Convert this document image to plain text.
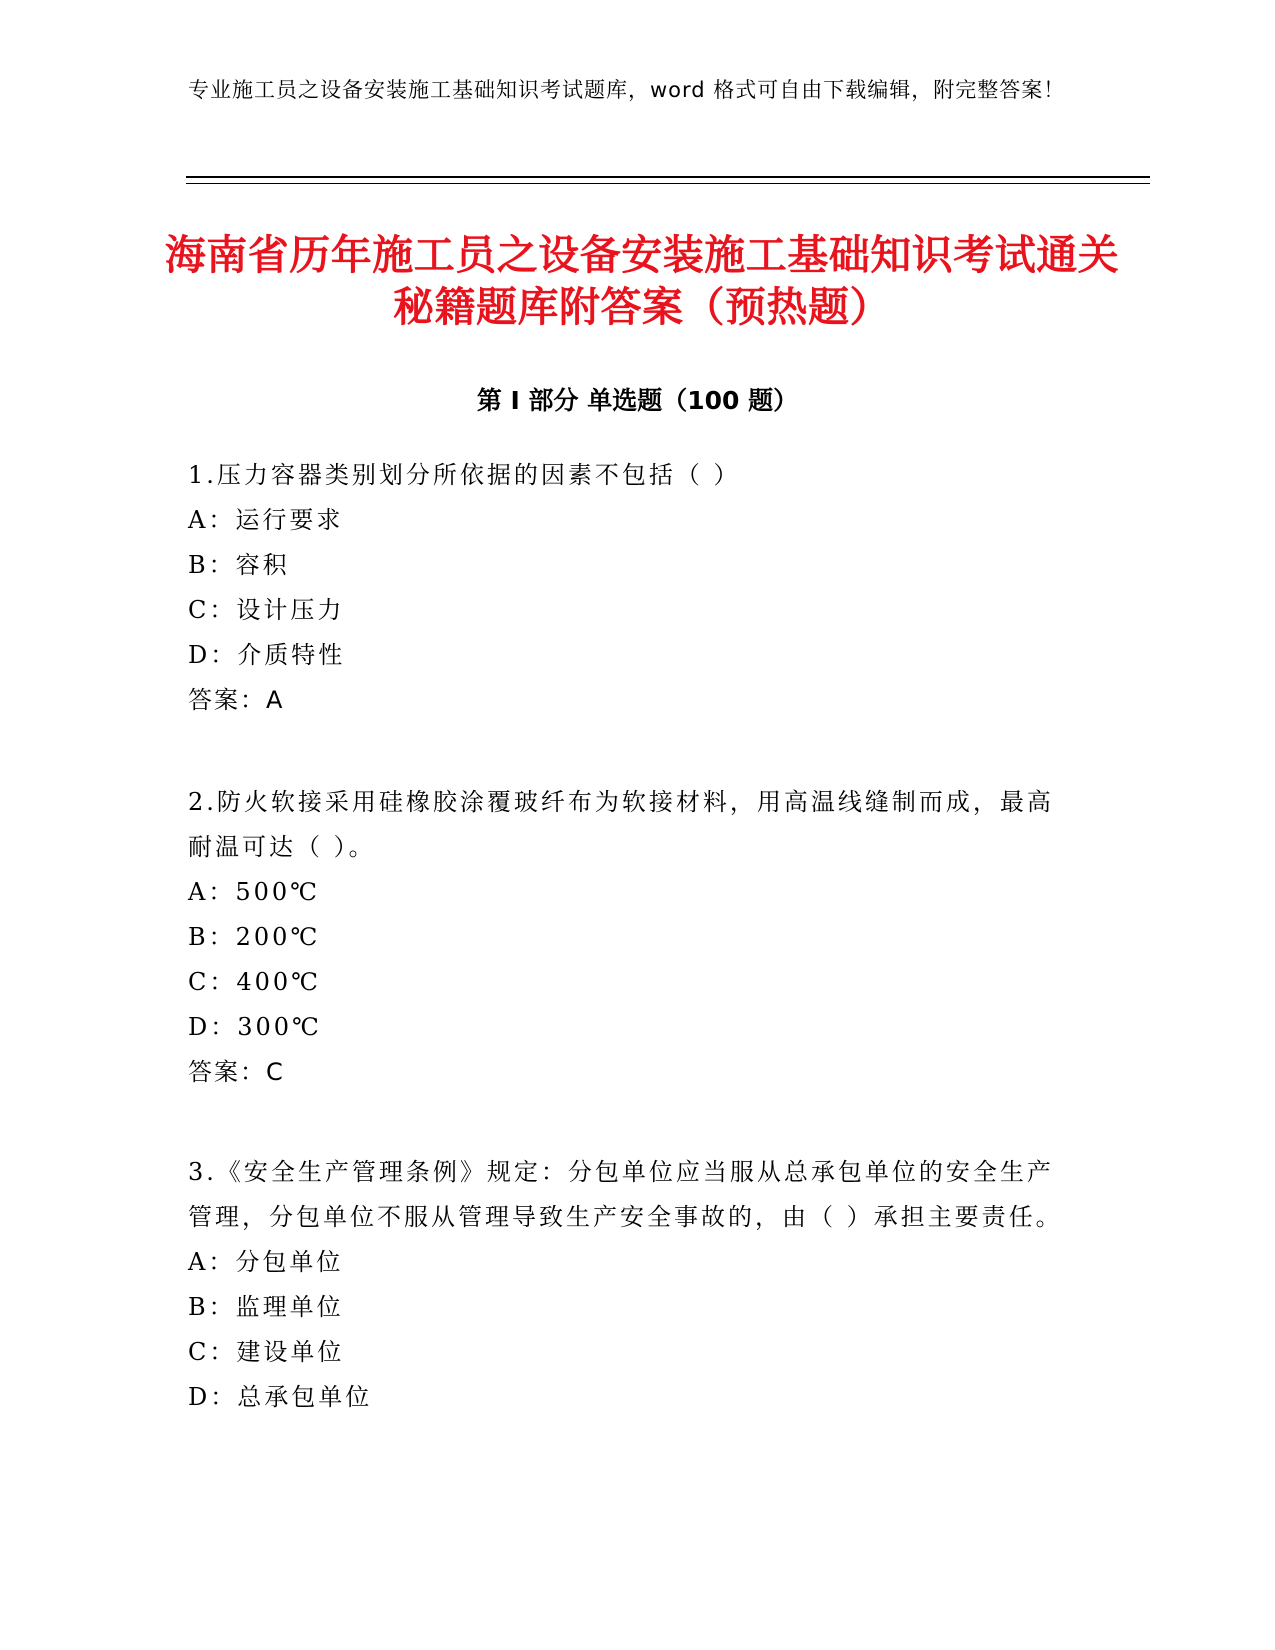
专业施工员之设备安装施工基础知识考试题库，word 格式可自由下载编辑，附完整答案！

海南省历年施工员之设备安装施工基础知识考试通关秘籍题库附答案（预热题）
第 I 部分 单选题（100 题）

1.压力容器类别划分所依据的因素不包括（ ）

A：运行要求

B：容积

C：设计压力

D：介质特性

答案：A

2.防火软接采用硅橡胶涂覆玻纤布为软接材料，用高温线缝制而成，最高耐温可达（ ）。

A：500℃

B：200℃

C：400℃

D：300℃

答案：C

3.《安全生产管理条例》规定：分包单位应当服从总承包单位的安全生产管理，分包单位不服从管理导致生产安全事故的，由（ ）承担主要责任。

A：分包单位

B：监理单位

C：建设单位

D：总承包单位
